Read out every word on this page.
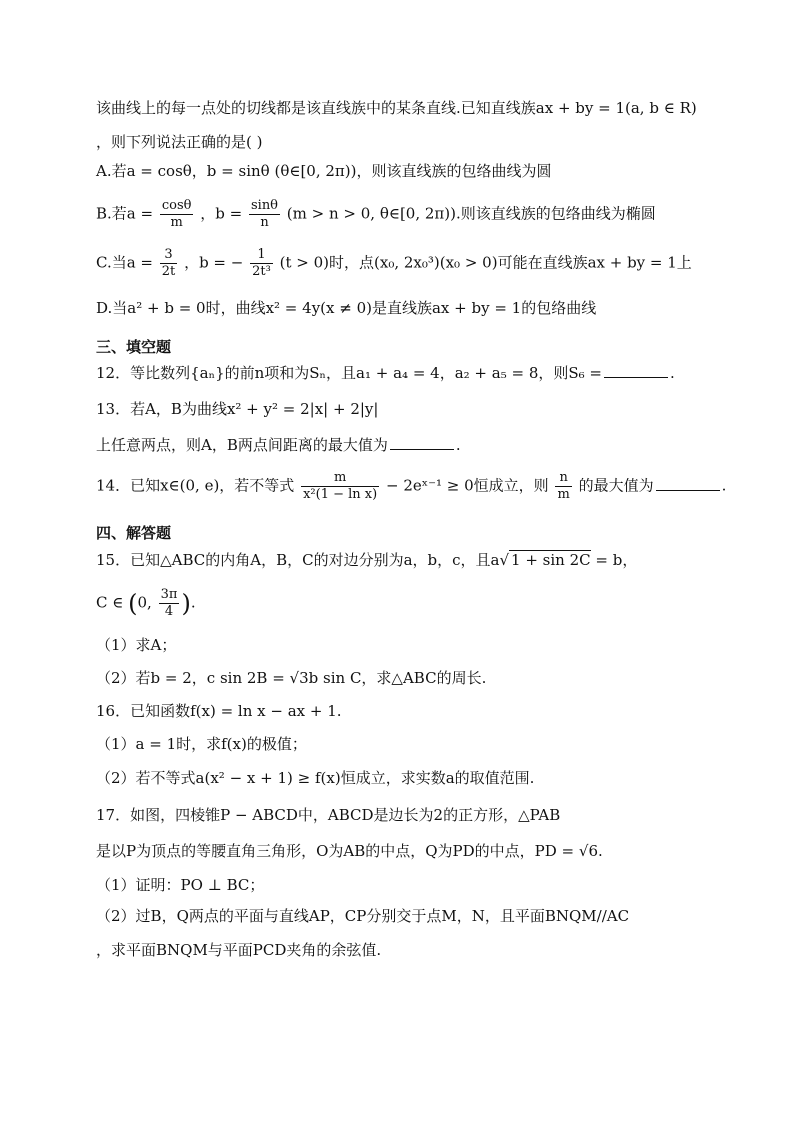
该曲线上的每一点处的切线都是该直线族中的某条直线.已知直线族ax + by = 1(a, b ∈ R)
，则下列说法正确的是( )
A.若a = cosθ，b = sinθ (θ∈[0, 2π))，则该直线族的包络曲线为圆
B.若$a = \frac{\cos\theta}{m}$ ，$b = \frac{\sin\theta}{n} (m > n > 0$, θ∈[0, 2π)).则该直线族的包络曲线为椭圆
C.当$a = \frac{3}{2t}$ ，b = − $\frac{1}{\text{2t³}} (t > 0)$时，点(x₀, 2x₀³)(x₀ > 0)可能在直线族ax + by = 1上
D.当a² + b = 0时，曲线x² = 4y(x ≠ 0)是直线族ax + by = 1的包络曲线
三、填空题
12．等比数列{aₙ}的前n项和为Sₙ，且a₁ + a₄ = 4，a₂ + a₅ = 8，则S₆ =	.
13．若A，B为曲线x² + y² = 2|x| + 2|y|
上任意两点，则A，B两点间距离的最大值为	.
14．已知x∈(0, e)，若不等式 $\frac{m}{\text{x²(1 − ln x)}}$ − 2eˣ⁻¹ ≥ 0恒成立，则 $\frac{n}{m}$ 的最大值为	.
四、解答题
15．已知△ABC的内角A，B，C的对边分别为a，b，c，且a√ 1 + sin 2C = b，
C ∈ (0, $\frac{3\pi}{4}$ ).
（1）求A；
（2）若b = 2，c sin 2B = √3b sin C，求△ABC的周长.
16．已知函数f(x) = ln x − ax + 1.
（1）a = 1时，求f(x)的极值；
（2）若不等式a(x² − x + 1) ≥ f(x)恒成立，求实数a的取值范围.
17．如图，四棱锥P − ABCD中，ABCD是边长为2的正方形，△PAB
是以P为顶点的等腰直角三角形，O为AB的中点，Q为PD的中点，PD = √6.
（1）证明：PO ⊥ BC；
（2）过B，Q两点的平面与直线AP，CP分别交于点M，N，且平面BNQM//AC
，求平面BNQM与平面PCD夹角的余弦值.
